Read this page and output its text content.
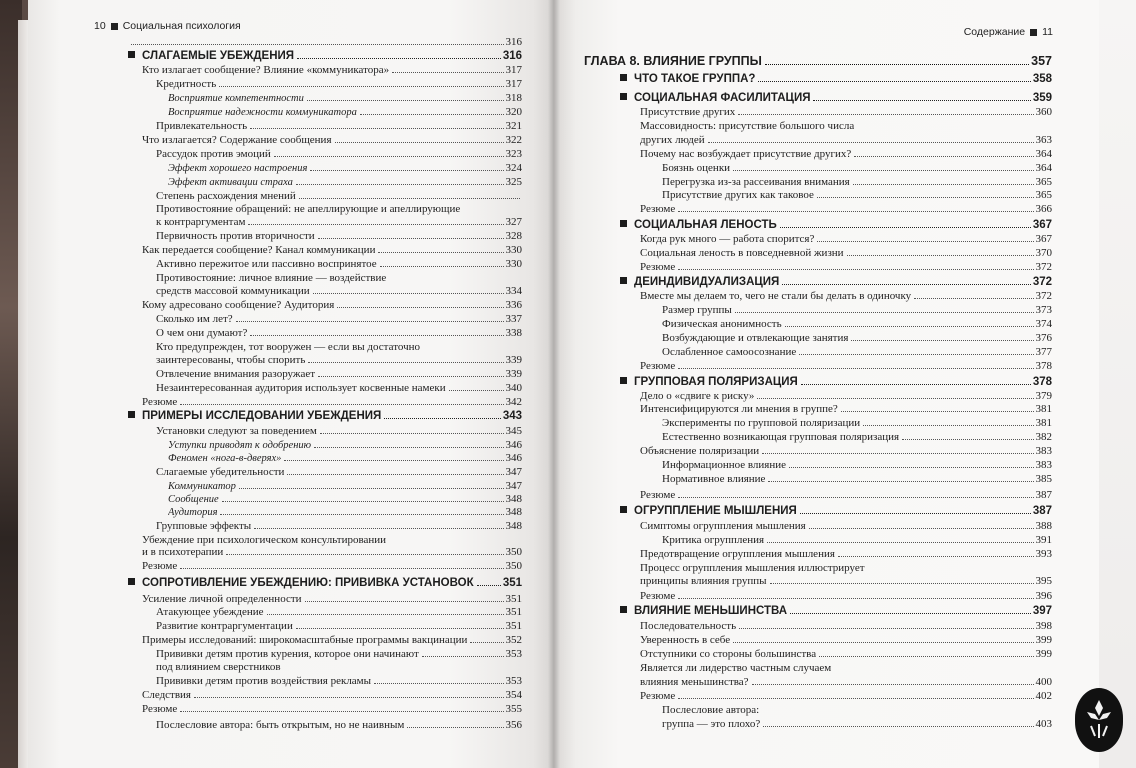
10 Социальная психология
316
СЛАГАЕМЫЕ УБЕЖДЕНИЯ	316
Кто излагает сообщение? Влияние «коммуникатора»	317
Кредитность	317
Восприятие компетентности	318
Восприятие надежности коммуникатора	320
Привлекательность	321
Что излагается? Содержание сообщения	322
Рассудок против эмоций	323
Эффект хорошего настроения	324
Эффект активации страха	325
Степень расхождения мнений
Противостояние обращений: не апеллирующие и апеллирующие
к контраргументам	327
Первичность против вторичности	328
Как передается сообщение? Канал коммуникации	330
Активно пережитое или пассивно воспринятое	330
Противостояние: личное влияние — воздействие
средств массовой коммуникации	334
Кому адресовано сообщение? Аудитория	336
Сколько им лет?	337
О чем они думают?	338
Кто предупрежден, тот вооружен — если вы достаточно
заинтересованы, чтобы спорить	339
Отвлечение внимания разоружает	339
Незаинтересованная аудитория использует косвенные намеки	340
Резюме	342
ПРИМЕРЫ ИССЛЕДОВАНИЙ УБЕЖДЕНИЯ	343
Установки следуют за поведением	345
Уступки приводят к одобрению	346
Феномен «нога-в-дверях»	346
Слагаемые убедительности	347
Коммуникатор	347
Сообщение	348
Аудитория	348
Групповые эффекты	348
Убеждение при психологическом консультировании
и в психотерапии	350
Резюме	350
СОПРОТИВЛЕНИЕ УБЕЖДЕНИЮ: ПРИВИВКА УСТАНОВОК	351
Усиление личной определенности	351
Атакующее убеждение	351
Развитие контраргументации	351
Примеры исследований: широкомасштабные программы вакцинации	352
Прививки детям против курения, которое они начинают	353
под влиянием сверстников
Прививки детям против воздействия рекламы	353
Следствия	354
Резюме	355
Послесловие автора: быть открытым, но не наивным	356
Содержание 11
ГЛАВА 8. ВЛИЯНИЕ ГРУППЫ	357
ЧТО ТАКОЕ ГРУППА?	358
СОЦИАЛЬНАЯ ФАСИЛИТАЦИЯ	359
Присутствие других	360
Массовидность: присутствие большого числа
других людей	363
Почему нас возбуждает присутствие других?	364
Боязнь оценки	364
Перегрузка из-за рассеивания внимания	365
Присутствие других как таковое	365
Резюме	366
СОЦИАЛЬНАЯ ЛЕНОСТЬ	367
Когда рук много — работа спорится?	367
Социальная леность в повседневной жизни	370
Резюме	372
ДЕИНДИВИДУАЛИЗАЦИЯ	372
Вместе мы делаем то, чего не стали бы делать в одиночку	372
Размер группы	373
Физическая анонимность	374
Возбуждающие и отвлекающие занятия	376
Ослабленное самоосознание	377
Резюме	378
ГРУППОВАЯ ПОЛЯРИЗАЦИЯ	378
Дело о «сдвиге к риску»	379
Интенсифицируются ли мнения в группе?	381
Эксперименты по групповой поляризации	381
Естественно возникающая групповая поляризация	382
Объяснение поляризации	383
Информационное влияние	383
Нормативное влияние	385
Резюме	387
ОГРУППЛЕНИЕ МЫШЛЕНИЯ	387
Симптомы огруппления мышления	388
Критика огруппления	391
Предотвращение огруппления мышления	393
Процесс огруппления мышления иллюстрирует
принципы влияния группы	395
Резюме	396
ВЛИЯНИЕ МЕНЬШИНСТВА	397
Последовательность	398
Уверенность в себе	399
Отступники со стороны большинства	399
Является ли лидерство частным случаем
влияния меньшинства?	400
Резюме	402
Послесловие автора:
группа — это плохо?	403
